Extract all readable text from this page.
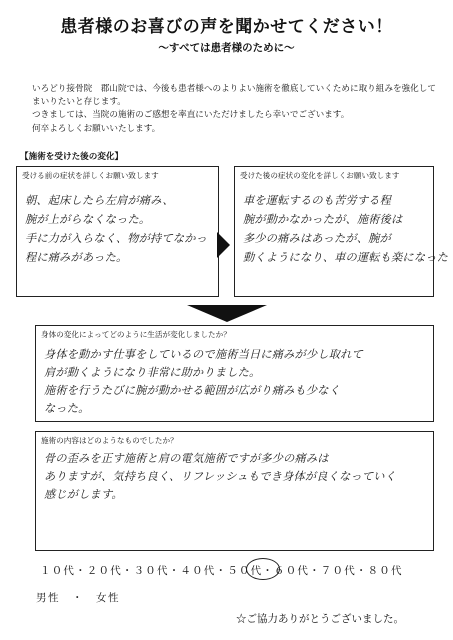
患者様のお喜びの声を聞かせてください！
～すべては患者様のために～
いろどり接骨院　郡山院では、今後も患者様へのよりよい施術を徹底していくために取り組みを強化して
まいりたいと存じます。
つきましては、当院の施術のご感想を率直にいただけましたら幸いでございます。
何卒よろしくお願いいたします。
【施術を受けた後の変化】
受ける前の症状を詳しくお願い致します
朝、起床したら左肩が痛み、
腕が上がらなくなった。
手に力が入らなく、物が持てなかっ
程に痛みがあった。
受けた後の症状の変化を詳しくお願い致します
車を運転するのも苦労する程
腕が動かなかったが、施術後は
多少の痛みはあったが、腕が
動くようになり、車の運転も楽になった
身体の変化によってどのように生活が変化しましたか？
身体を動かす仕事をしているので施術当日に痛みが少し取れて
肩が動くようになり非常に助かりました。
施術を行うたびに腕が動かせる範囲が広がり痛みも少なく
なった。
施術の内容はどのようなものでしたか？
骨の歪みを正す施術と肩の電気施術ですが多少の痛みは
ありますが、気持ち良く、リフレッシュもでき身体が良くなっていく
感じがします。
１０代・２０代・３０代・４０代・５０代・６０代・７０代・８０代
男性　・　女性
☆ご協力ありがとうございました。
